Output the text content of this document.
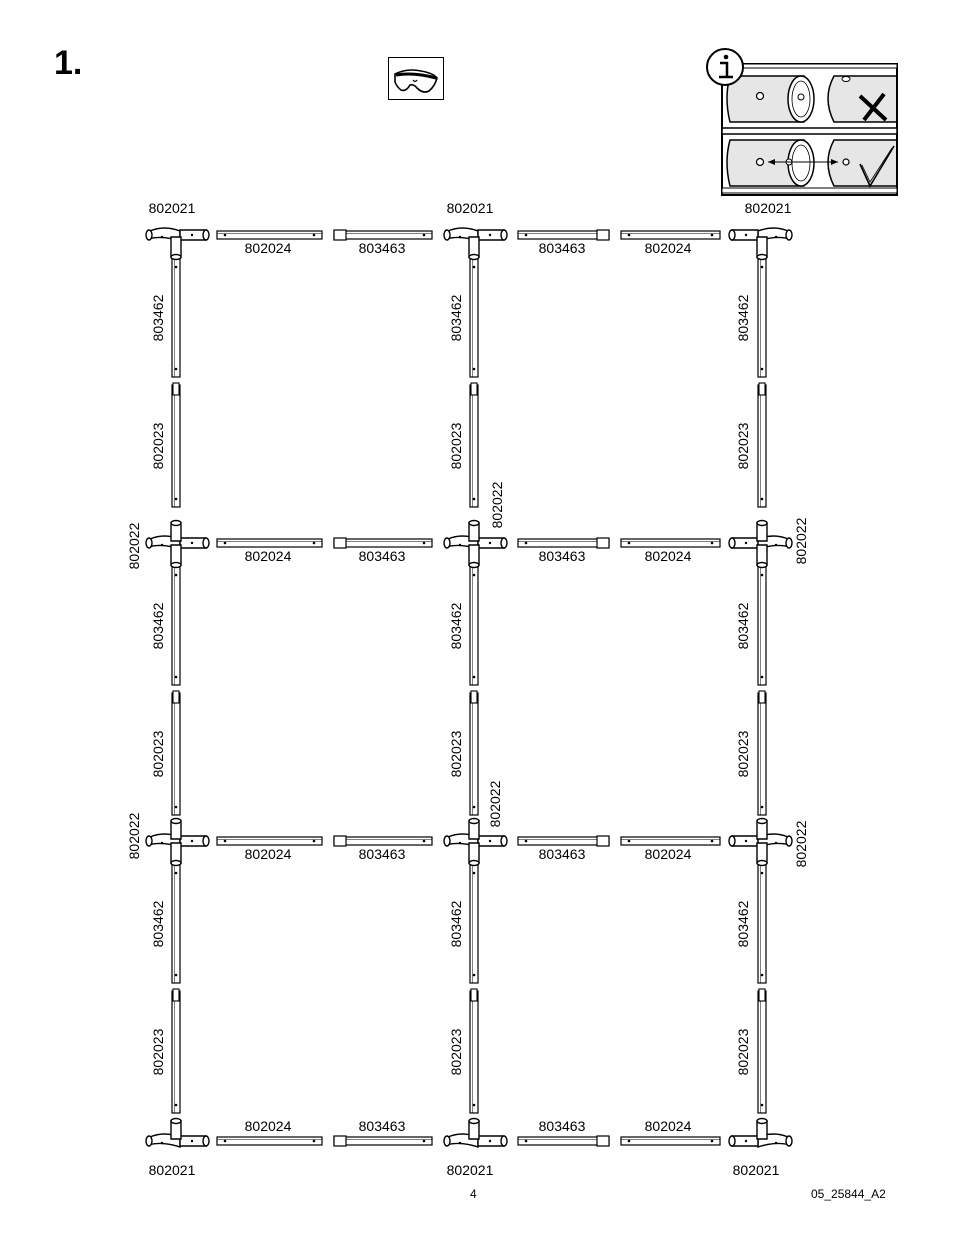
1.
802024	803463	803463	802024
802024	803463	803463	802024
802024	803463	803463	802024
802024	803463	803463	802024
803462
802023
803462
802023
803462
802023
803462
802023
803462
802023
803462
802023
803462
802023
803462
802023
803462
802023
802021	802021	802021
802021	802021	802021
802022
802022
802022
802022
802022
802022
4	05_25844_A2
